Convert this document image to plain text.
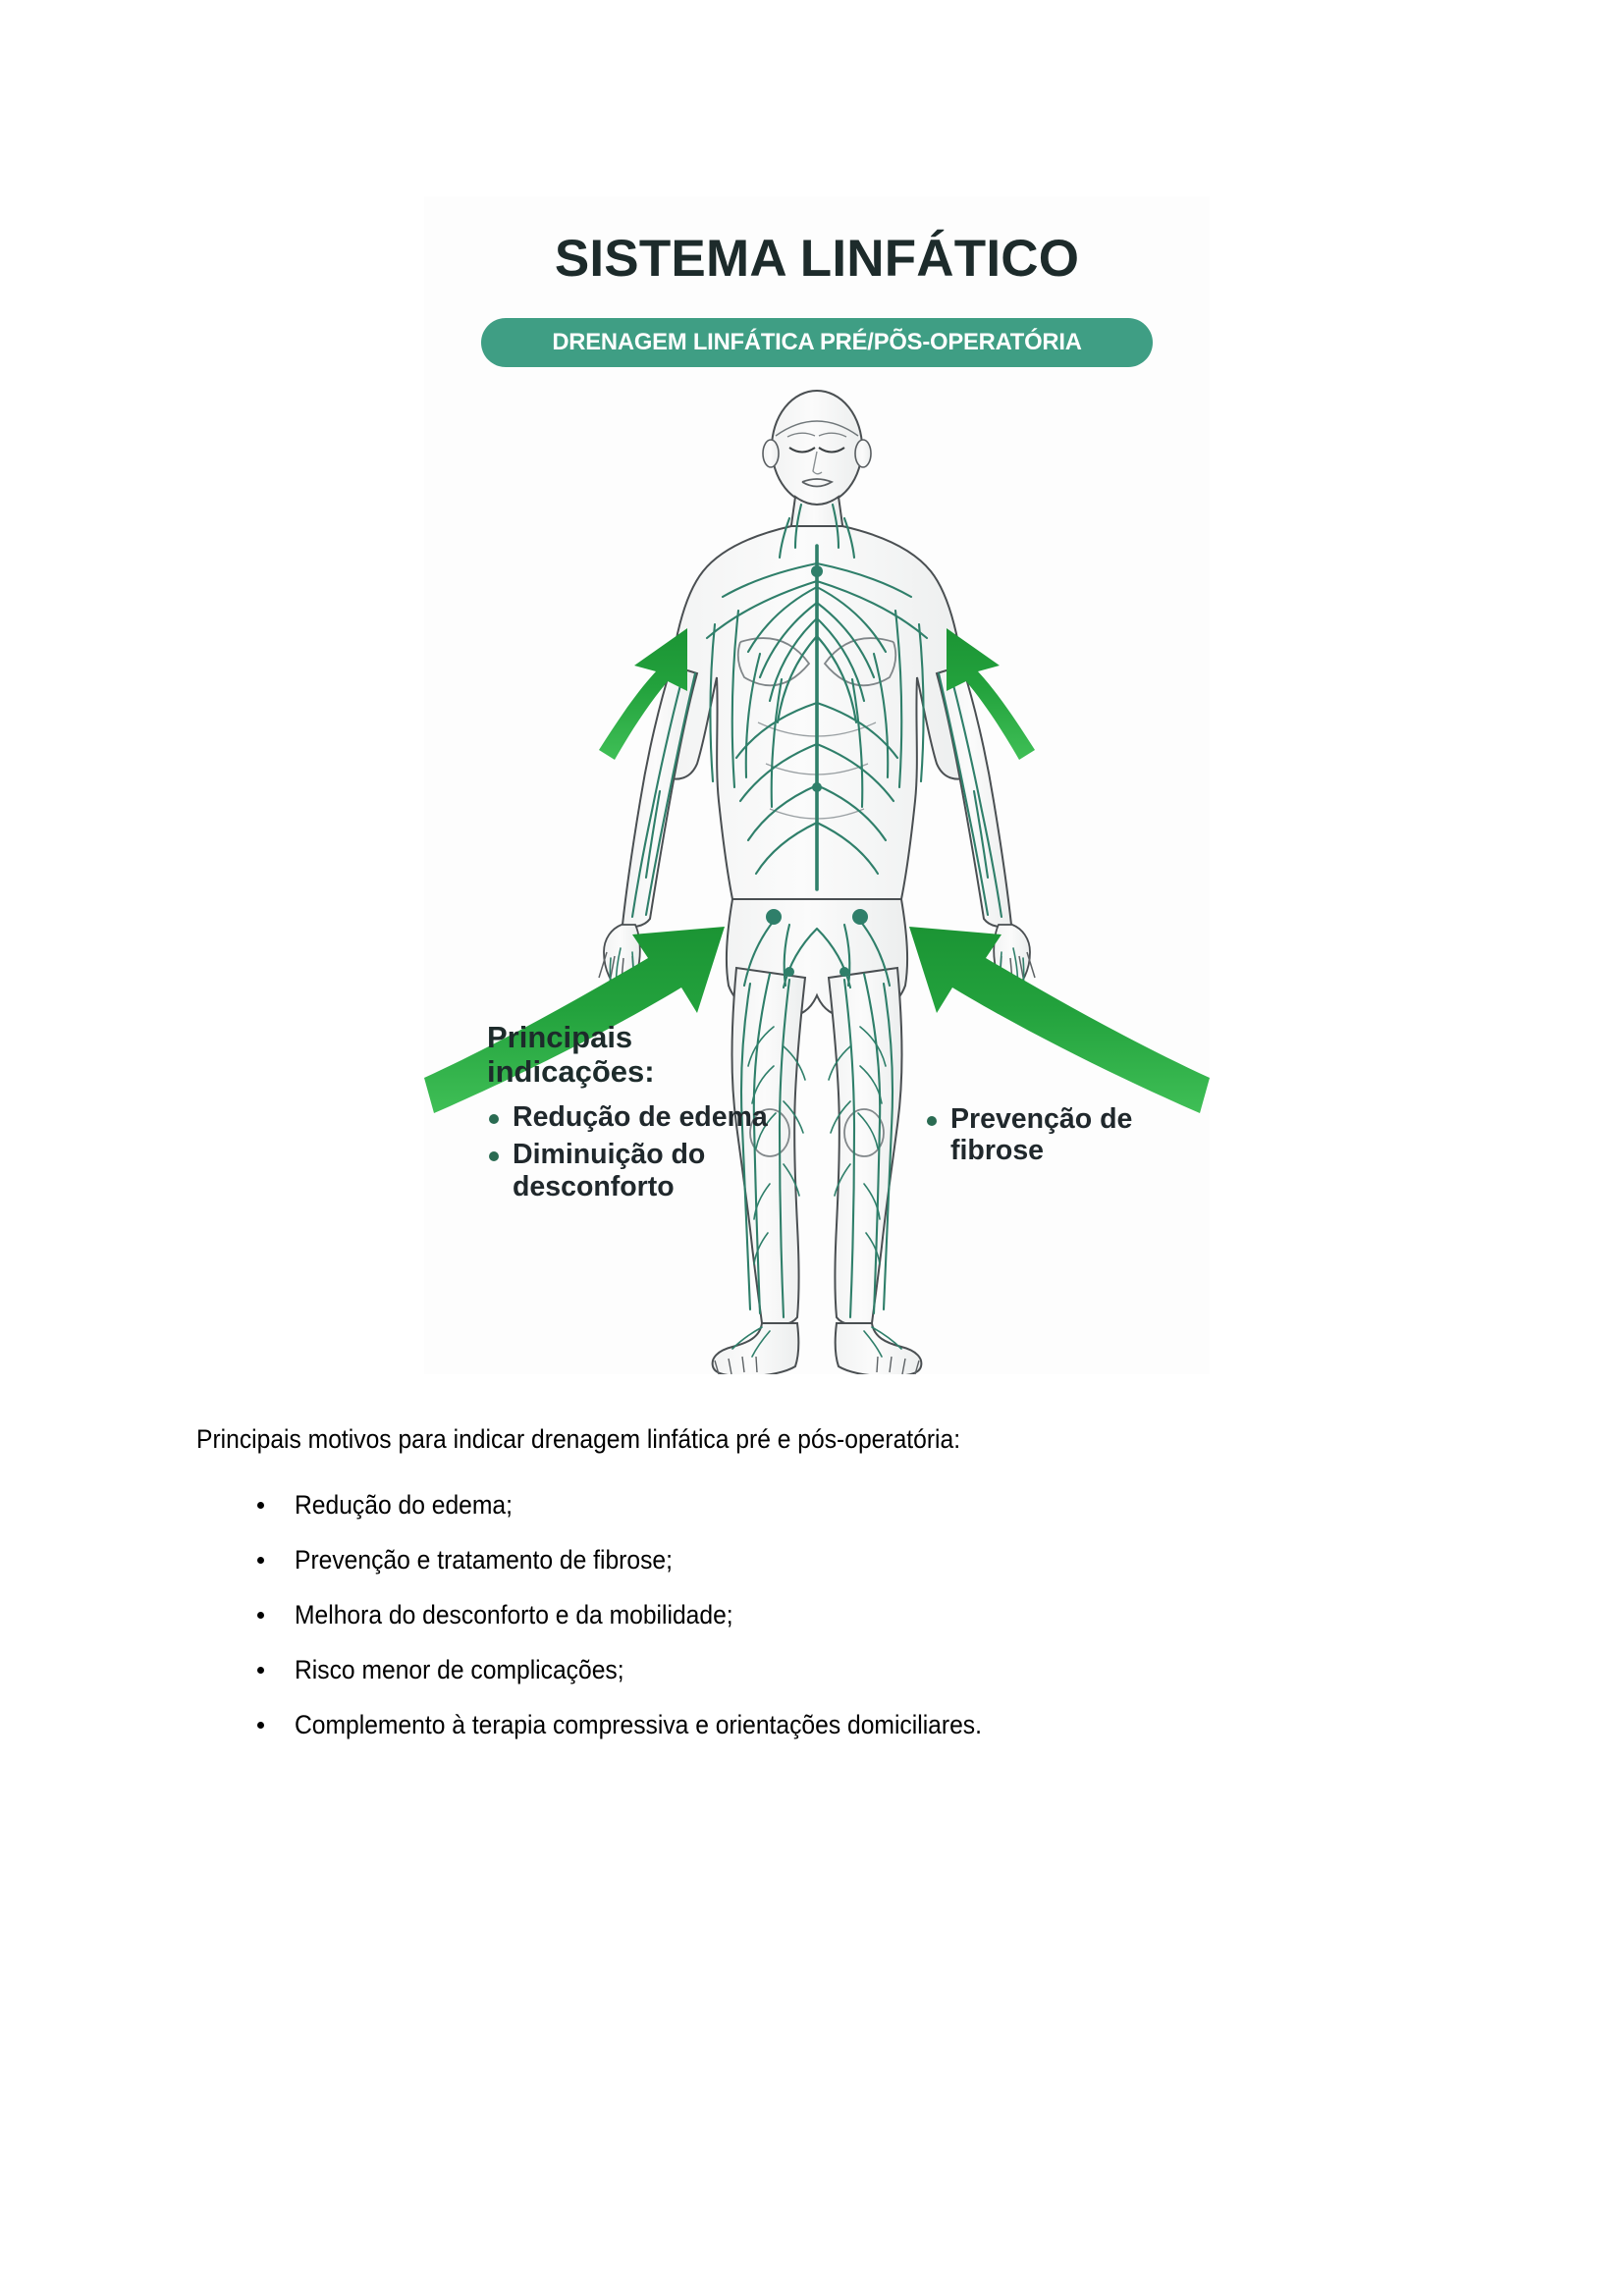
SISTEMA LINFÁTICO
DRENAGEM LINFÁTICA PRÉ/PÕS-OPERATÓRIA
Principais
indicações:
Redução de edema
Diminuição do desconforto
Prevenção de fibrose
Principais motivos para indicar drenagem linfática pré e pós-operatória:
Redução do edema;
Prevenção e tratamento de fibrose;
Melhora do desconforto e da mobilidade;
Risco menor de complicações;
Complemento à terapia compressiva e orientações domiciliares.
